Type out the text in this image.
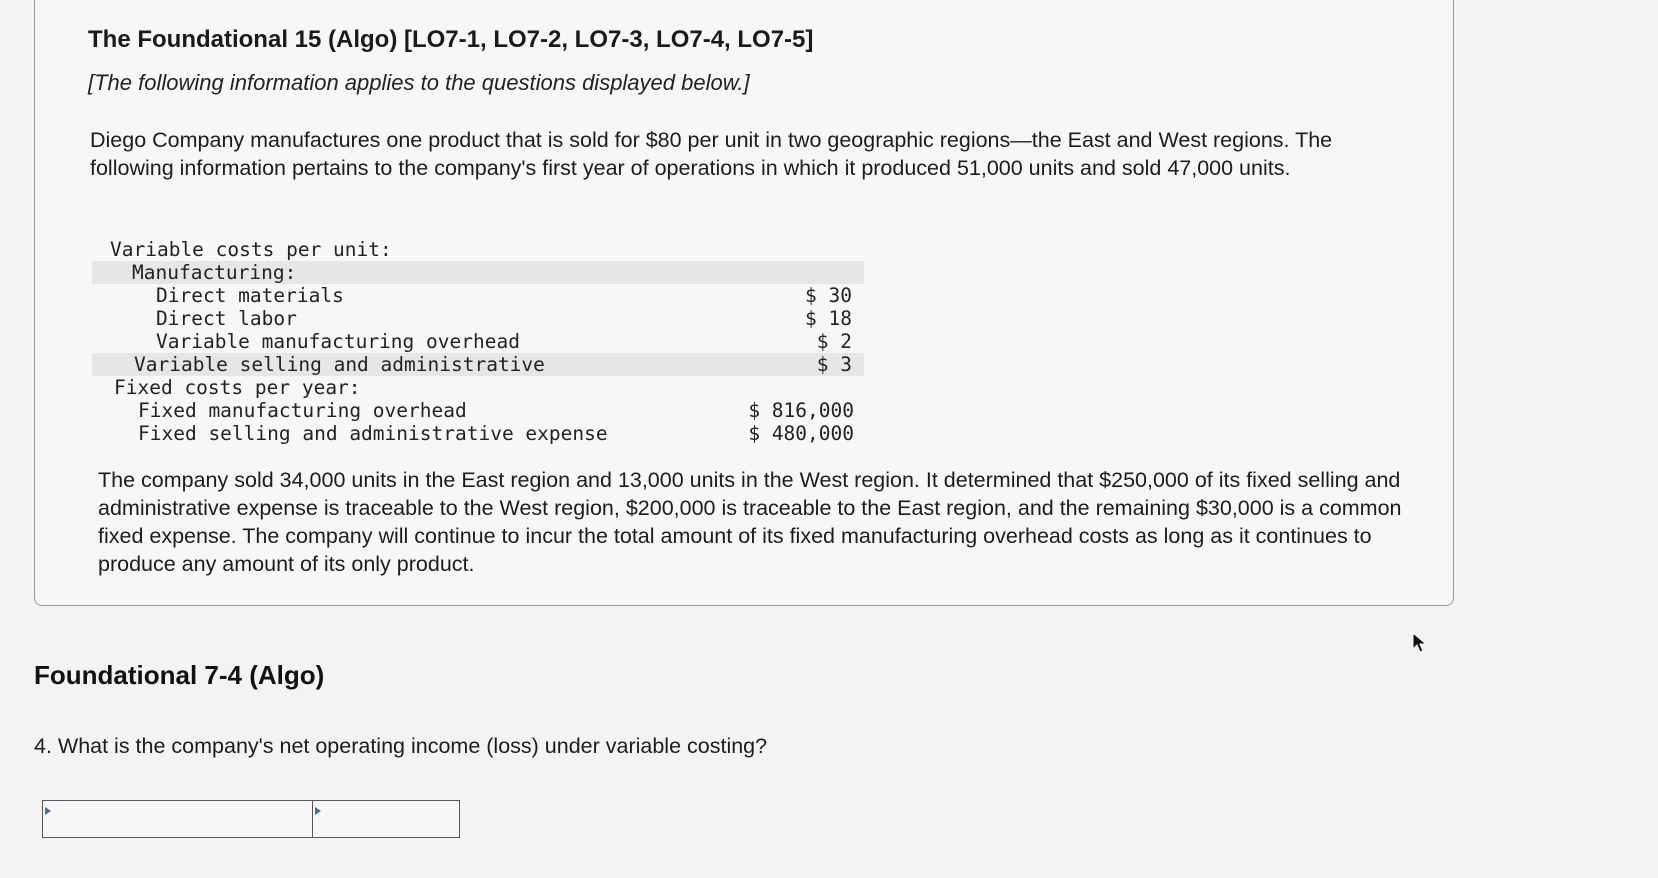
The Foundational 15 (Algo) [LO7-1, LO7-2, LO7-3, LO7-4, LO7-5]

[The following information applies to the questions displayed below.]

Diego Company manufactures one product that is sold for $80 per unit in two geographic regions—the East and West regions. The following information pertains to the company's first year of operations in which it produced 51,000 units and sold 47,000 units.

Variable costs per unit:
Manufacturing:
Direct materials	$ 30
Direct labor	$ 18
Variable manufacturing overhead	$ 2
Variable selling and administrative	$ 3
Fixed costs per year:
Fixed manufacturing overhead	$ 816,000
Fixed selling and administrative expense	$ 480,000

The company sold 34,000 units in the East region and 13,000 units in the West region. It determined that $250,000 of its fixed selling and administrative expense is traceable to the West region, $200,000 is traceable to the East region, and the remaining $30,000 is a common fixed expense. The company will continue to incur the total amount of its fixed manufacturing overhead costs as long as it continues to produce any amount of its only product.

Foundational 7-4 (Algo)

4. What is the company's net operating income (loss) under variable costing?
